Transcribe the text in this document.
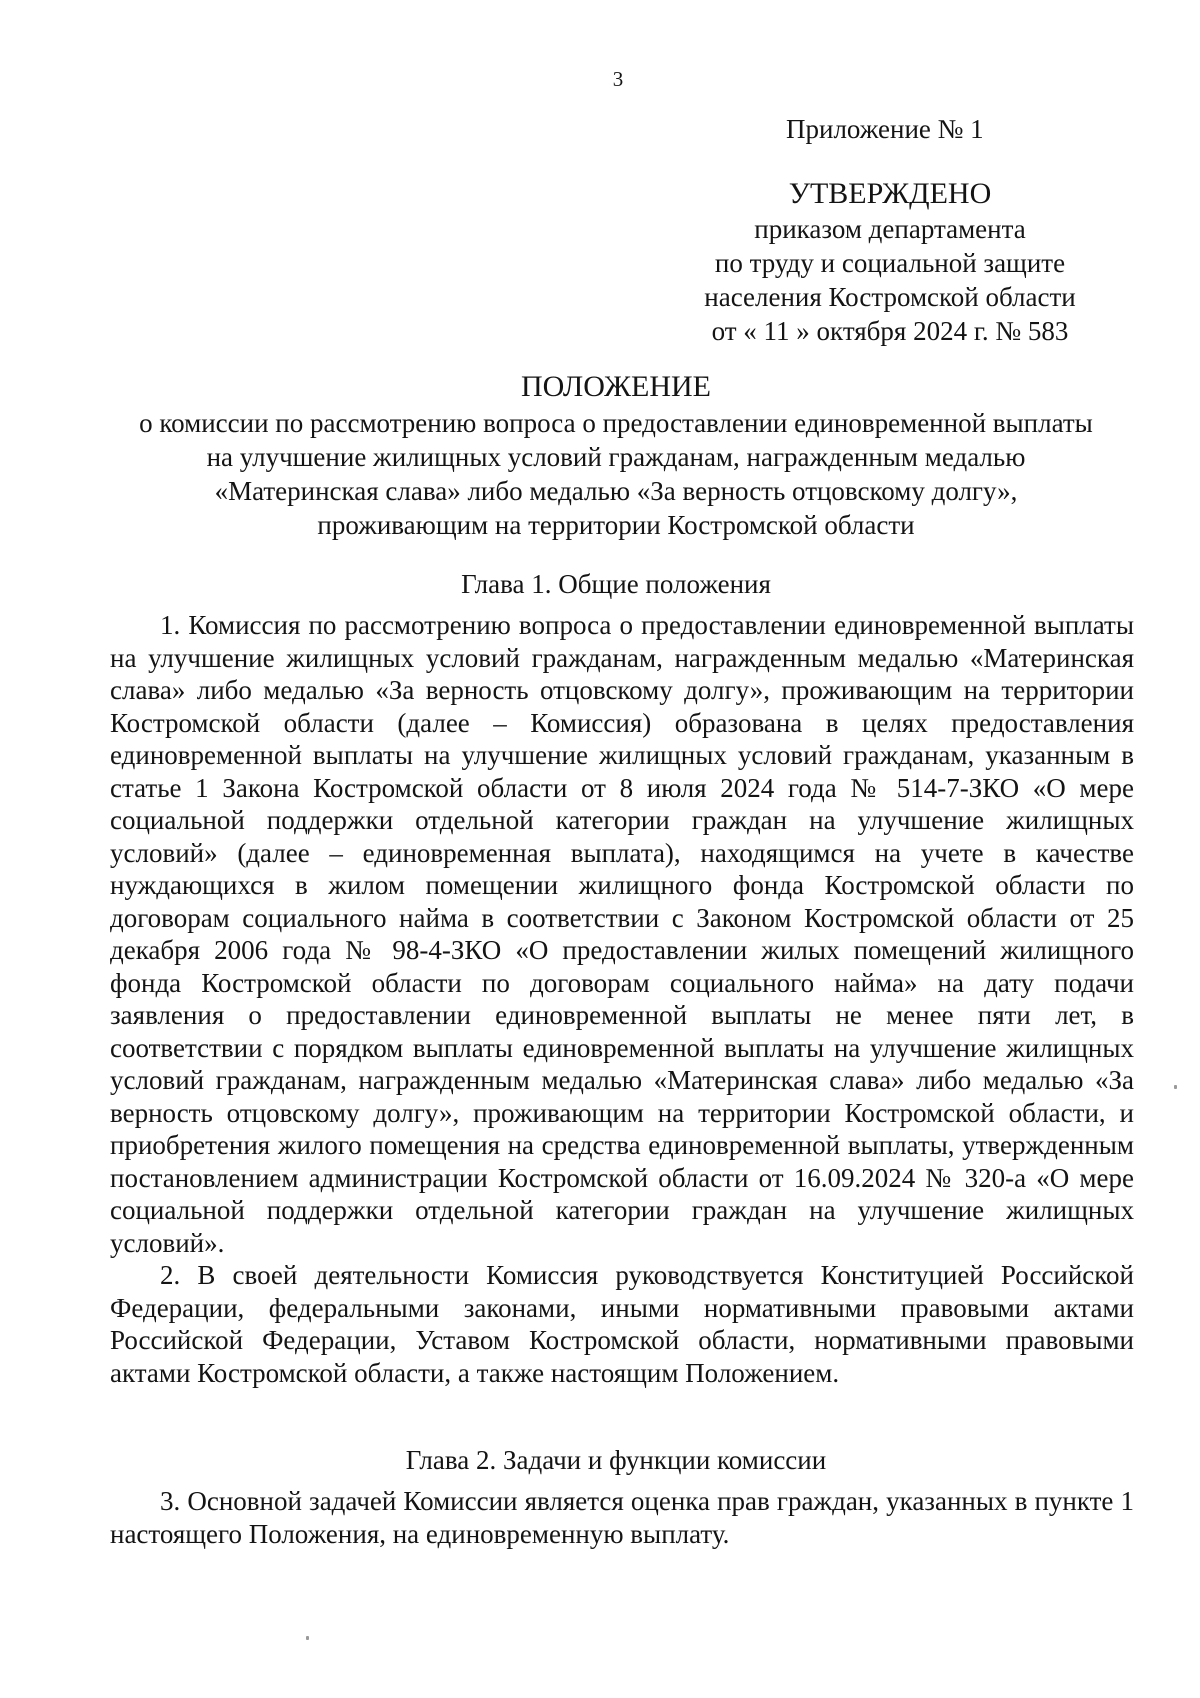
3
Приложение № 1
УТВЕРЖДЕНО
приказом департамента
по труду и социальной защите
населения Костромской области
от « 11 » октября 2024 г. № 583
ПОЛОЖЕНИЕ
о комиссии по рассмотрению вопроса о предоставлении единовременной выплаты
на улучшение жилищных условий гражданам, награжденным медалью
«Материнская слава» либо медалью «За верность отцовскому долгу»,
проживающим на территории Костромской области
Глава 1. Общие положения

1. Комиссия по рассмотрению вопроса о предоставлении единовременной выплаты на улучшение жилищных условий гражданам, награжденным медалью «Материнская слава» либо медалью «За верность отцовскому долгу», проживающим на территории Костромской области (далее – Комиссия) образована в целях предоставления единовременной выплаты на улучшение жилищных условий гражданам, указанным в статье 1 Закона Костромской области от 8 июля 2024 года № 514-7-ЗКО «О мере социальной поддержки отдельной категории граждан на улучшение жилищных условий» (далее – единовременная выплата), находящимся на учете в качестве нуждающихся в жилом помещении жилищного фонда Костромской области по договорам социального найма в соответствии с Законом Костромской области от 25 декабря 2006 года № 98-4-ЗКО «О предоставлении жилых помещений жилищного фонда Костромской области по договорам социального найма» на дату подачи заявления о предоставлении единовременной выплаты не менее пяти лет, в соответствии с порядком выплаты единовременной выплаты на улучшение жилищных условий гражданам, награжденным медалью «Материнская слава» либо медалью «За верность отцовскому долгу», проживающим на территории Костромской области, и приобретения жилого помещения на средства единовременной выплаты, утвержденным постановлением администрации Костромской области от 16.09.2024 № 320-а «О мере социальной поддержки отдельной категории граждан на улучшение жилищных условий».

2. В своей деятельности Комиссия руководствуется Конституцией Российской Федерации, федеральными законами, иными нормативными правовыми актами Российской Федерации, Уставом Костромской области, нормативными правовыми актами Костромской области, а также настоящим Положением.

Глава 2. Задачи и функции комиссии

3. Основной задачей Комиссии является оценка прав граждан, указанных в пункте 1 настоящего Положения, на единовременную выплату.
